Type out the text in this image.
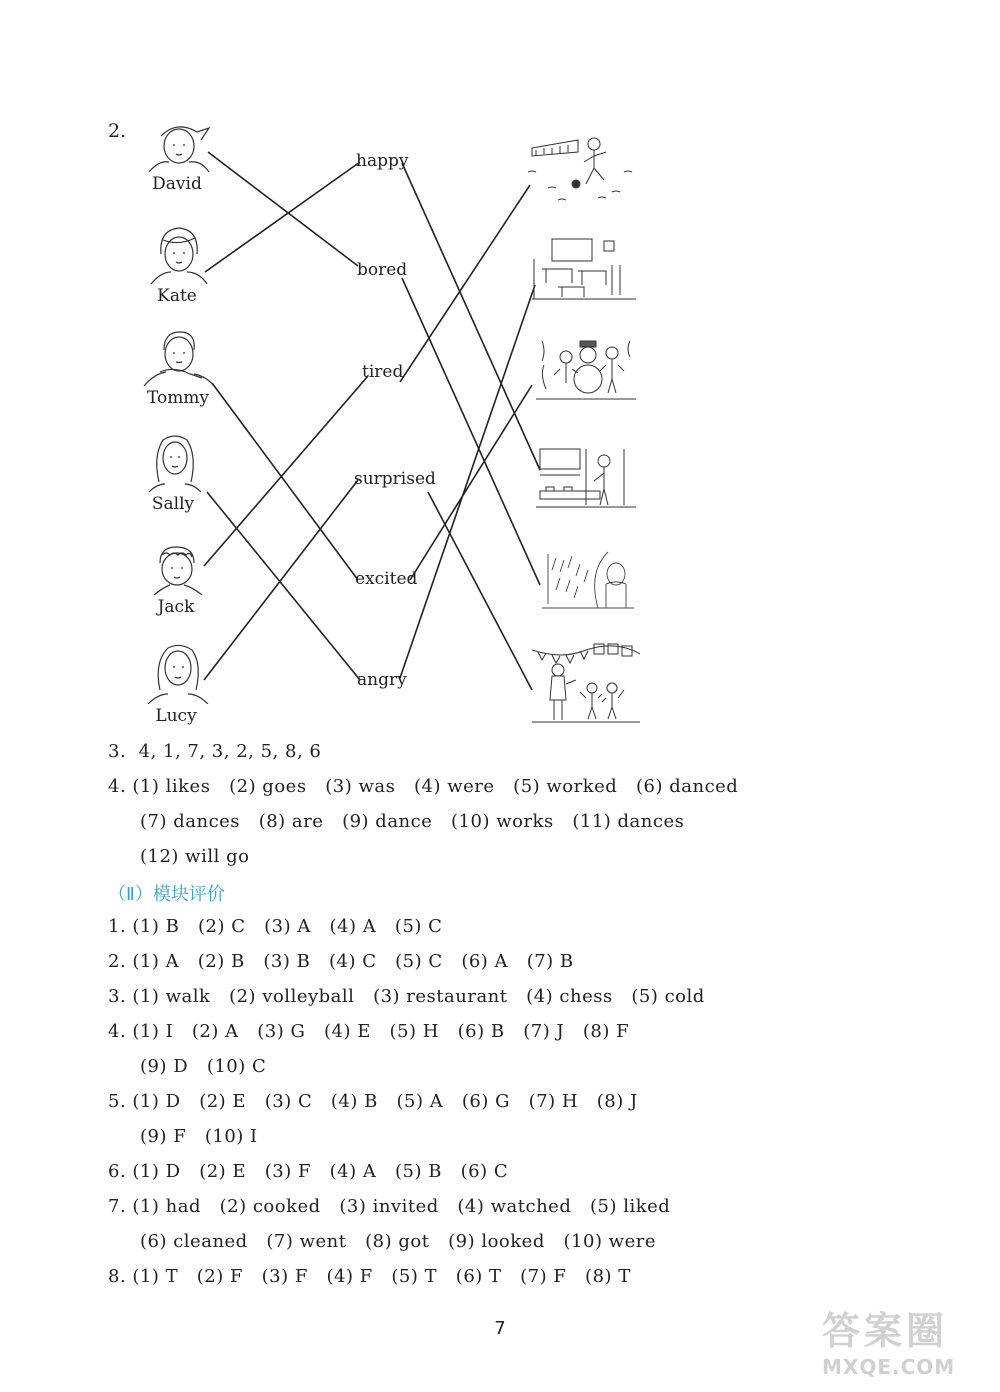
2.
David
Kate
Tommy
Sally
Jack
Lucy
happy
bored
tired
surprised
excited
angry
3.  4, 1, 7, 3, 2, 5, 8, 6
4. (1) likes   (2) goes   (3) was   (4) were   (5) worked   (6) danced
(7) dances   (8) are   (9) dance   (10) works   (11) dances
(12) will go
（Ⅱ）模块评价
1. (1) B   (2) C   (3) A   (4) A   (5) C
2. (1) A   (2) B   (3) B   (4) C   (5) C   (6) A   (7) B
3. (1) walk   (2) volleyball   (3) restaurant   (4) chess   (5) cold
4. (1) I   (2) A   (3) G   (4) E   (5) H   (6) B   (7) J   (8) F
(9) D   (10) C
5. (1) D   (2) E   (3) C   (4) B   (5) A   (6) G   (7) H   (8) J
(9) F   (10) I
6. (1) D   (2) E   (3) F   (4) A   (5) B   (6) C
7. (1) had   (2) cooked   (3) invited   (4) watched   (5) liked
(6) cleaned   (7) went   (8) got   (9) looked   (10) were
8. (1) T   (2) F   (3) F   (4) F   (5) T   (6) T   (7) F   (8) T
7	答案圈
MXQE.COM
